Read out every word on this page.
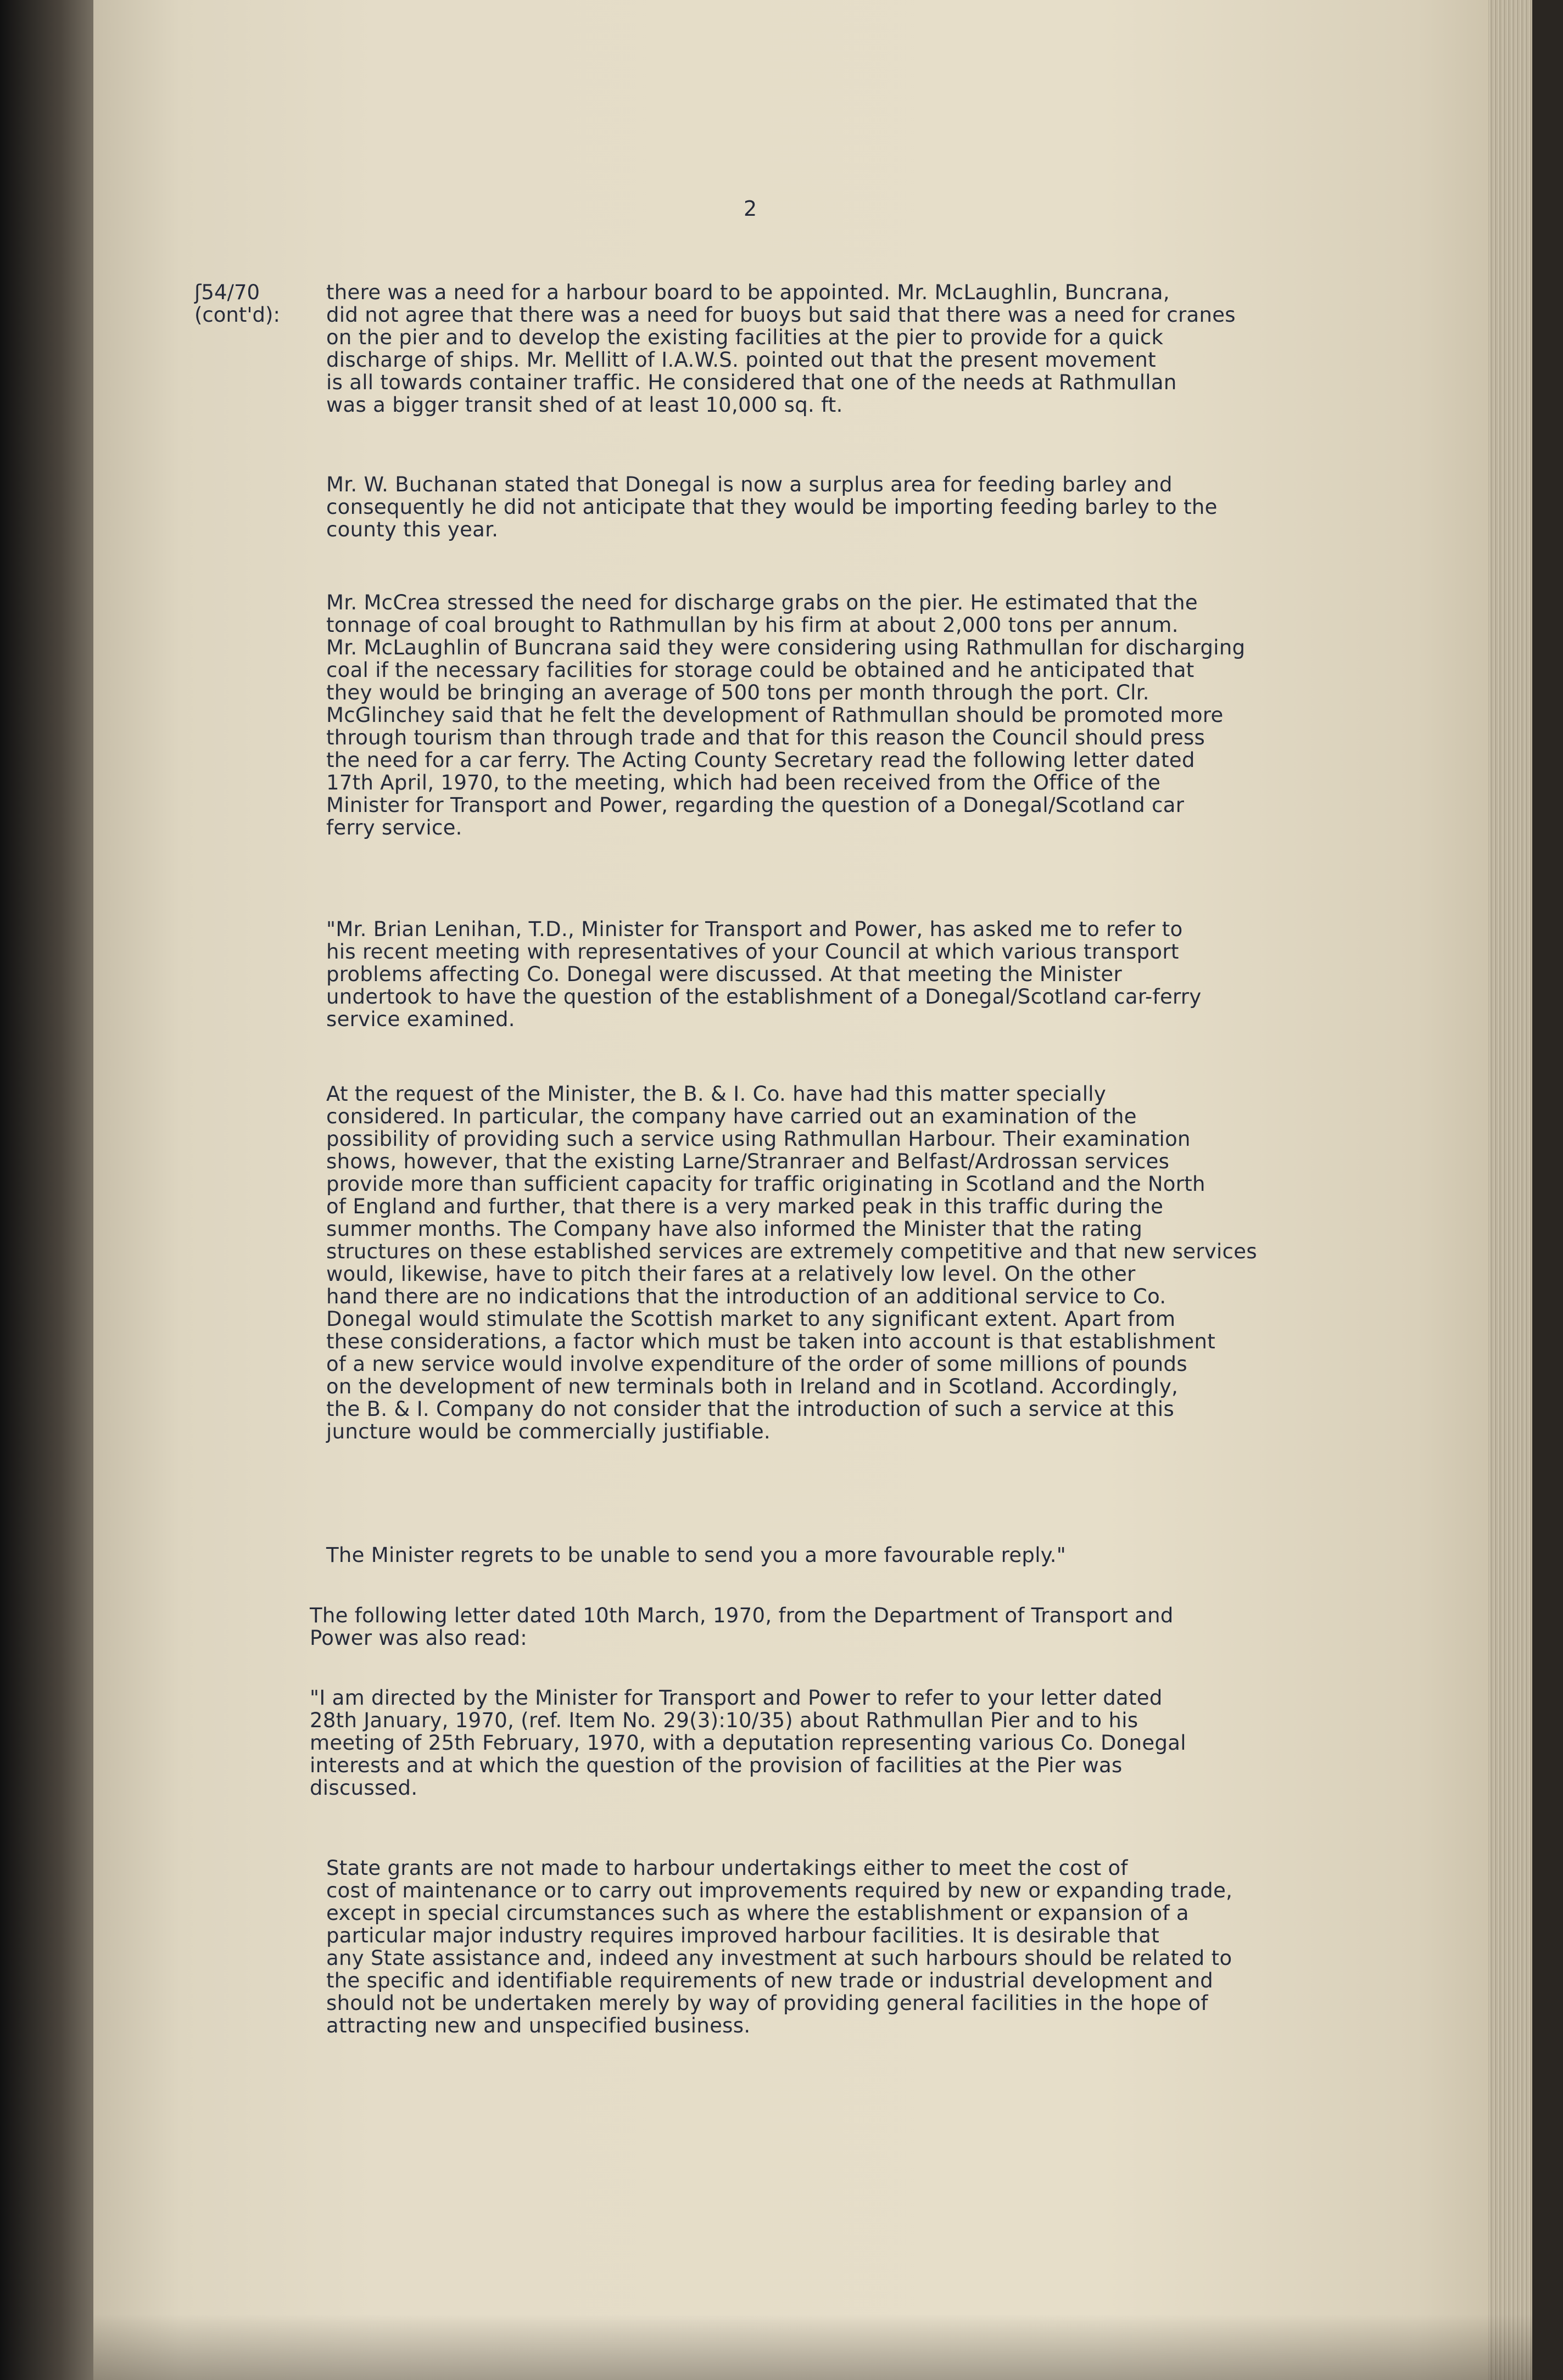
2
ʃ54/70
(cont'd):
there was a need for a harbour board to be appointed. Mr. McLaughlin, Buncrana,
did not agree that there was a need for buoys but said that there was a need for cranes
on the pier and to develop the existing facilities at the pier to provide for a quick
discharge of ships. Mr. Mellitt of I.A.W.S. pointed out that the present movement
is all towards container traffic. He considered that one of the needs at Rathmullan
was a bigger transit shed of at least 10,000 sq. ft.
Mr. W. Buchanan stated that Donegal is now a surplus area for feeding barley and
consequently he did not anticipate that they would be importing feeding barley to the
county this year.
Mr. McCrea stressed the need for discharge grabs on the pier. He estimated that the
tonnage of coal brought to Rathmullan by his firm at about 2,000 tons per annum.
Mr. McLaughlin of Buncrana said they were considering using Rathmullan for discharging
coal if the necessary facilities for storage could be obtained and he anticipated that
they would be bringing an average of 500 tons per month through the port. Clr.
McGlinchey said that he felt the development of Rathmullan should be promoted more
through tourism than through trade and that for this reason the Council should press
the need for a car ferry. The Acting County Secretary read the following letter dated
17th April, 1970, to the meeting, which had been received from the Office of the
Minister for Transport and Power, regarding the question of a Donegal/Scotland car
ferry service.
"Mr. Brian Lenihan, T.D., Minister for Transport and Power, has asked me to refer to
his recent meeting with representatives of your Council at which various transport
problems affecting Co. Donegal were discussed. At that meeting the Minister
undertook to have the question of the establishment of a Donegal/Scotland car-ferry
service examined.
At the request of the Minister, the B. & I. Co. have had this matter specially
considered. In particular, the company have carried out an examination of the
possibility of providing such a service using Rathmullan Harbour. Their examination
shows, however, that the existing Larne/Stranraer and Belfast/Ardrossan services
provide more than sufficient capacity for traffic originating in Scotland and the North
of England and further, that there is a very marked peak in this traffic during the
summer months. The Company have also informed the Minister that the rating
structures on these established services are extremely competitive and that new services
would, likewise, have to pitch their fares at a relatively low level. On the other
hand there are no indications that the introduction of an additional service to Co.
Donegal would stimulate the Scottish market to any significant extent. Apart from
these considerations, a factor which must be taken into account is that establishment
of a new service would involve expenditure of the order of some millions of pounds
on the development of new terminals both in Ireland and in Scotland. Accordingly,
the B. & I. Company do not consider that the introduction of such a service at this
juncture would be commercially justifiable.
The Minister regrets to be unable to send you a more favourable reply."
The following letter dated 10th March, 1970, from the Department of Transport and
Power was also read:
"I am directed by the Minister for Transport and Power to refer to your letter dated
28th January, 1970, (ref. Item No. 29(3):10/35) about Rathmullan Pier and to his
meeting of 25th February, 1970, with a deputation representing various Co. Donegal
interests and at which the question of the provision of facilities at the Pier was
discussed.
State grants are not made to harbour undertakings either to meet the cost of
cost of maintenance or to carry out improvements required by new or expanding trade,
except in special circumstances such as where the establishment or expansion of a
particular major industry requires improved harbour facilities. It is desirable that
any State assistance and, indeed any investment at such harbours should be related to
the specific and identifiable requirements of new trade or industrial development and
should not be undertaken merely by way of providing general facilities in the hope of
attracting new and unspecified business.
